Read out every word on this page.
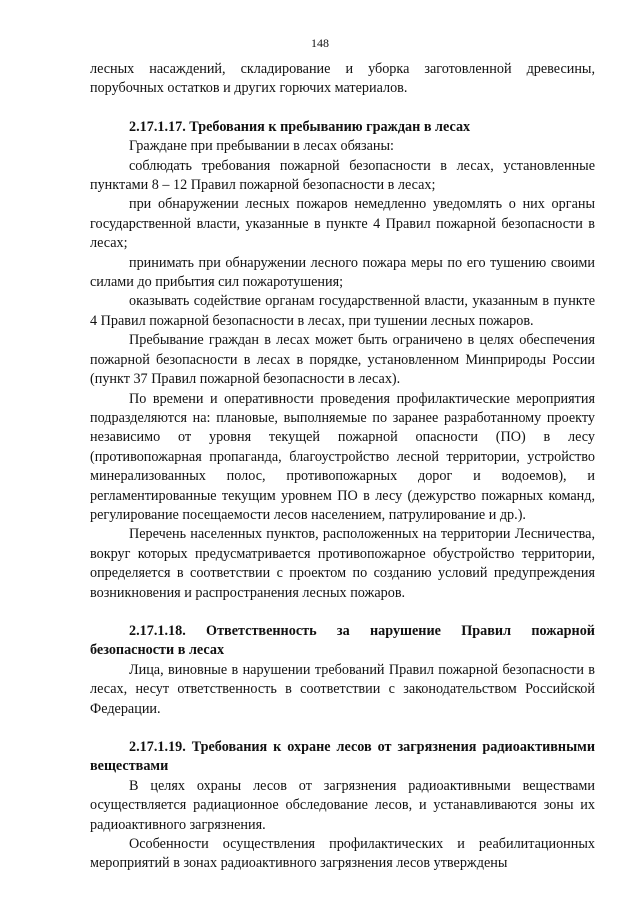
148

лесных насаждений, складирование и уборка заготовленной древесины, порубочных остатков и других горючих материалов.

2.17.1.17. Требования к пребыванию граждан в лесах

Граждане при пребывании в лесах обязаны:

соблюдать требования пожарной безопасности в лесах, установленные пунктами 8 – 12 Правил пожарной безопасности в лесах;

при обнаружении лесных пожаров немедленно уведомлять о них органы государственной власти, указанные в пункте 4 Правил пожарной безопасности в лесах;

принимать при обнаружении лесного пожара меры по его тушению своими силами до прибытия сил пожаротушения;

оказывать содействие органам государственной власти, указанным в пункте 4 Правил пожарной безопасности в лесах, при тушении лесных пожаров.

Пребывание граждан в лесах может быть ограничено в целях обеспечения пожарной безопасности в лесах в порядке, установленном Минприроды России (пункт 37 Правил пожарной безопасности в лесах).

По времени и оперативности проведения профилактические мероприятия подразделяются на: плановые, выполняемые по заранее разработанному проекту независимо от уровня текущей пожарной опасности (ПО) в лесу (противопожарная пропаганда, благоустройство лесной территории, устройство минерализованных полос, противопожарных дорог и водоемов), и регламентированные текущим уровнем ПО в лесу (дежурство пожарных команд, регулирование посещаемости лесов населением, патрулирование и др.).

Перечень населенных пунктов, расположенных на территории Лесничества, вокруг которых предусматривается противопожарное обустройство территории, определяется в соответствии с проектом по созданию условий предупреждения возникновения и распространения лесных пожаров.

2.17.1.18. Ответственность за нарушение Правил пожарной безопасности в лесах

Лица, виновные в нарушении требований Правил пожарной безопасности в лесах, несут ответственность в соответствии с законодательством Российской Федерации.

2.17.1.19. Требования к охране лесов от загрязнения радиоактивными веществами

В целях охраны лесов от загрязнения радиоактивными веществами осуществляется радиационное обследование лесов, и устанавливаются зоны их радиоактивного загрязнения.

Особенности осуществления профилактических и реабилитационных мероприятий в зонах радиоактивного загрязнения лесов утверждены
